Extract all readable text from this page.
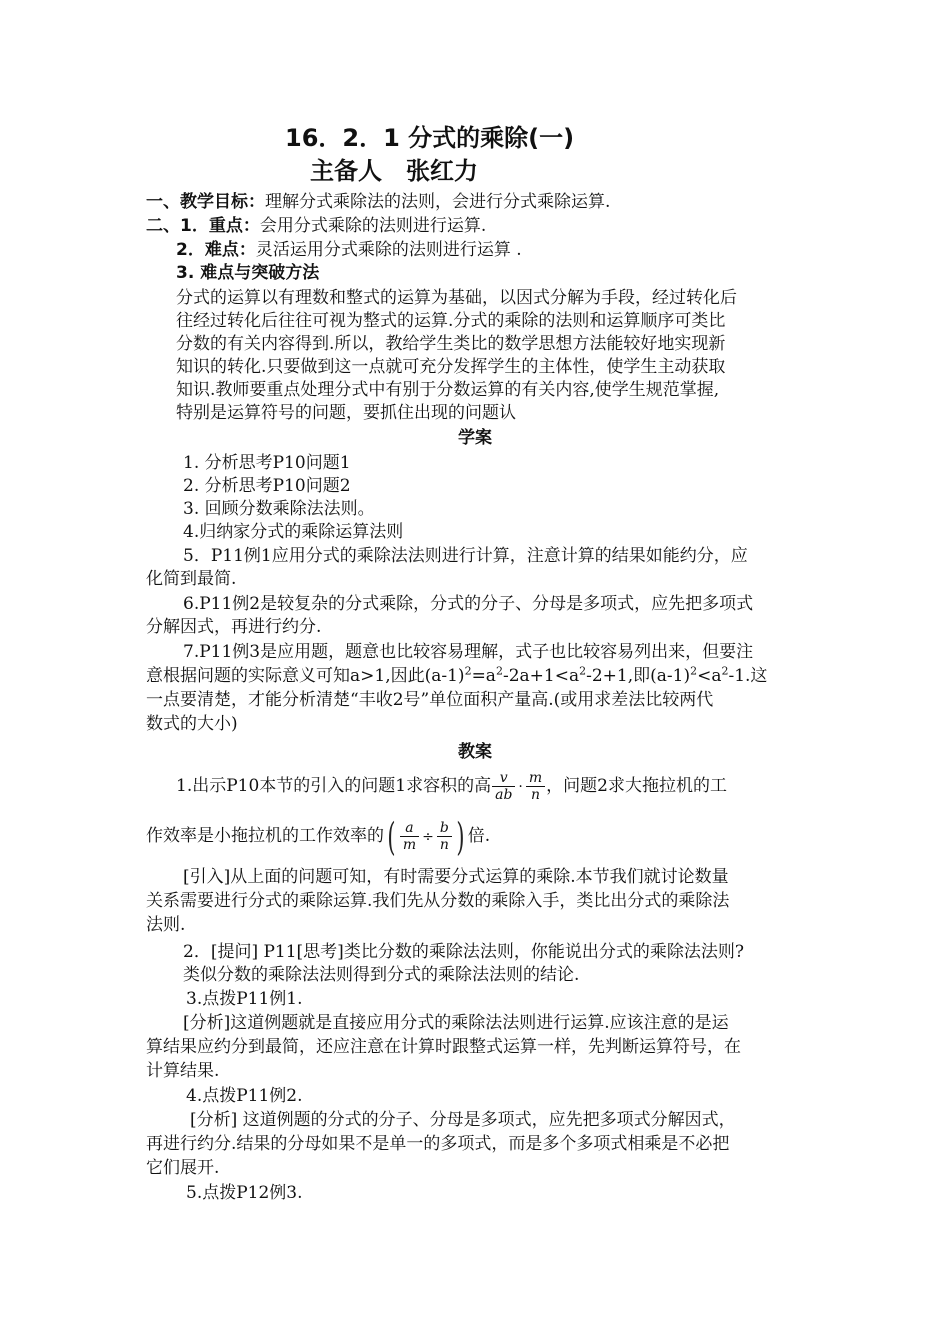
16．2．1 分式的乘除(一)
主备人　张红力
一、教学目标：理解分式乘除法的法则，会进行分式乘除运算.
二、1．重点：会用分式乘除的法则进行运算.
2．难点：灵活运用分式乘除的法则进行运算 .
3. 难点与突破方法
分式的运算以有理数和整式的运算为基础，以因式分解为手段，经过转化后
往经过转化后往往可视为整式的运算.分式的乘除的法则和运算顺序可类比
分数的有关内容得到.所以，教给学生类比的数学思想方法能较好地实现新
知识的转化.只要做到这一点就可充分发挥学生的主体性，使学生主动获取
知识.教师要重点处理分式中有别于分数运算的有关内容,使学生规范掌握,
特别是运算符号的问题，要抓住出现的问题认
学案
1. 分析思考P10问题1
2. 分析思考P10问题2
3. 回顾分数乘除法法则。
4.归纳家分式的乘除运算法则
5．P11例1应用分式的乘除法法则进行计算，注意计算的结果如能约分，应
化简到最简.
6.P11例2是较复杂的分式乘除，分式的分子、分母是多项式，应先把多项式
分解因式，再进行约分.
7.P11例3是应用题，题意也比较容易理解，式子也比较容易列出来，但要注
意根据问题的实际意义可知a>1,因此$(a-1)^2=a^2-2a+1<a^2-2+1$,即$(a-1)^2<a^2-1$.这
一点要清楚，才能分析清楚“丰收2号”单位面积产量高.(或用求差法比较两代
数式的大小)
教案
1.出示P10本节的引入的问题1求容积的高 $\frac{v}{ab} \cdot \frac{m}{n}$ ，问题2求大拖拉机的工
作效率是小拖拉机的工作效率的( $\frac{a}{m} \div \frac{b}{n}$ ) 倍.
[引入]从上面的问题可知，有时需要分式运算的乘除.本节我们就讨论数量
关系需要进行分式的乘除运算.我们先从分数的乘除入手，类比出分式的乘除法
法则.
2．[提问] P11[思考]类比分数的乘除法法则，你能说出分式的乘除法法则?
类似分数的乘除法法则得到分式的乘除法法则的结论.
3.点拨P11例1.
[分析]这道例题就是直接应用分式的乘除法法则进行运算.应该注意的是运
算结果应约分到最简，还应注意在计算时跟整式运算一样，先判断运算符号，在
计算结果.
4.点拨P11例2.
[分析] 这道例题的分式的分子、分母是多项式，应先把多项式分解因式，
再进行约分.结果的分母如果不是单一的多项式，而是多个多项式相乘是不必把
它们展开.
5.点拨P12例3.
